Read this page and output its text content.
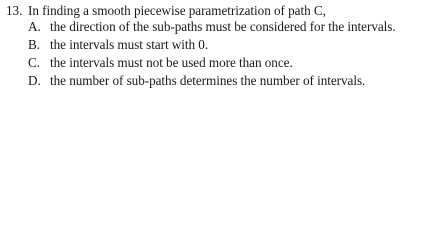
13. In finding a smooth piecewise parametrization of path C,
A. the direction of the sub-paths must be considered for the intervals.
B. the intervals must start with 0.
C. the intervals must not be used more than once.
D. the number of sub-paths determines the number of intervals.
